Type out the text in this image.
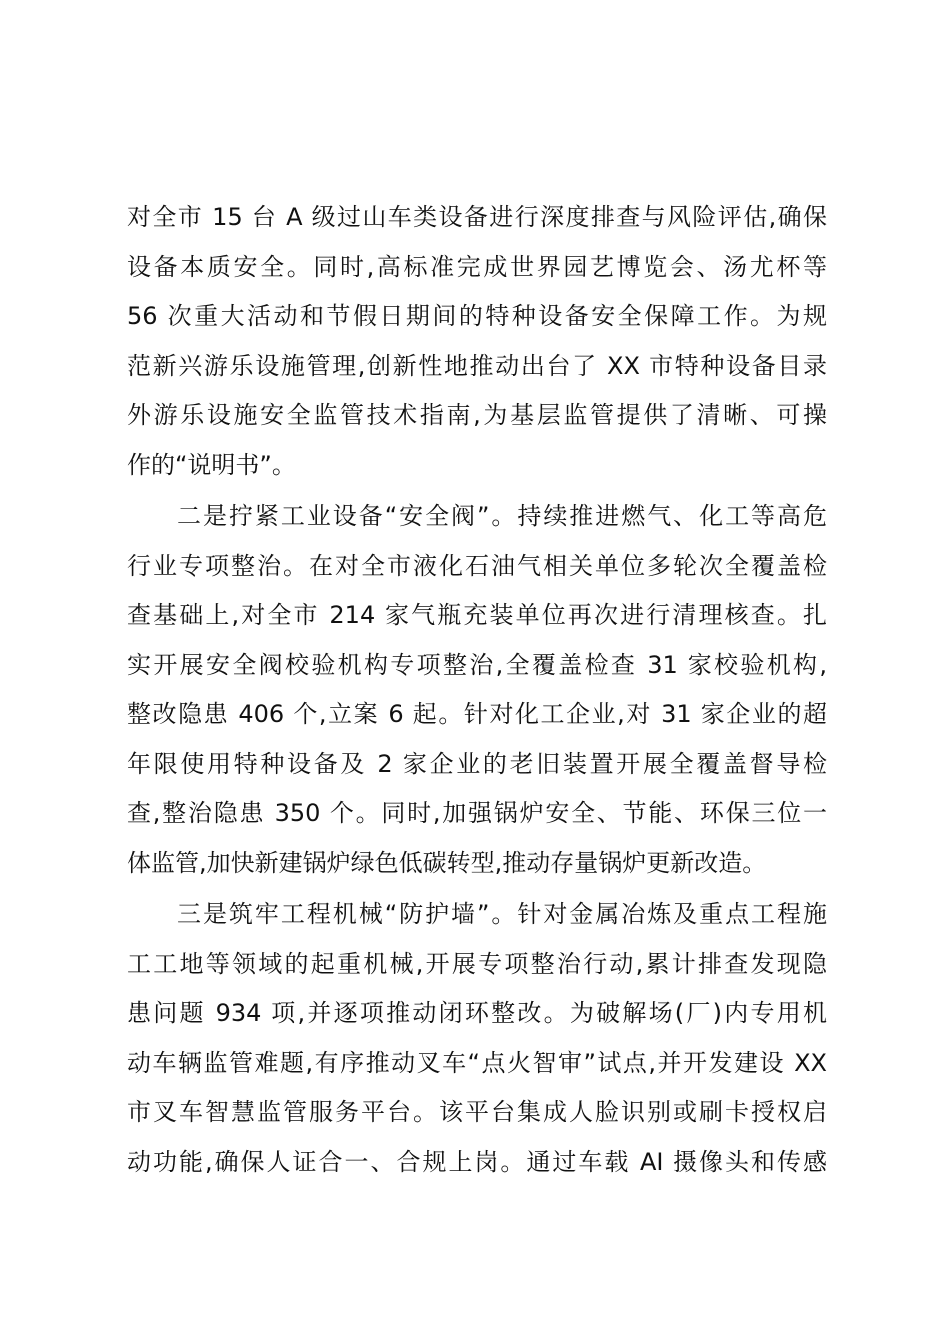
对全市 15 台 A 级过山车类设备进行深度排查与风险评估,确保
设备本质安全。同时,高标准完成世界园艺博览会、汤尤杯等
56 次重大活动和节假日期间的特种设备安全保障工作。为规
范新兴游乐设施管理,创新性地推动出台了 XX 市特种设备目录
外游乐设施安全监管技术指南,为基层监管提供了清晰、可操
作的“说明书”。
二是拧紧工业设备“安全阀”。持续推进燃气、化工等高危
行业专项整治。在对全市液化石油气相关单位多轮次全覆盖检
查基础上,对全市 214 家气瓶充装单位再次进行清理核查。扎
实开展安全阀校验机构专项整治,全覆盖检查 31 家校验机构,
整改隐患 406 个,立案 6 起。针对化工企业,对 31 家企业的超
年限使用特种设备及 2 家企业的老旧装置开展全覆盖督导检
查,整治隐患 350 个。同时,加强锅炉安全、节能、环保三位一
体监管,加快新建锅炉绿色低碳转型,推动存量锅炉更新改造。
三是筑牢工程机械“防护墙”。针对金属冶炼及重点工程施
工工地等领域的起重机械,开展专项整治行动,累计排查发现隐
患问题 934 项,并逐项推动闭环整改。为破解场(厂)内专用机
动车辆监管难题,有序推动叉车“点火智审”试点,并开发建设 XX
市叉车智慧监管服务平台。该平台集成人脸识别或刷卡授权启
动功能,确保人证合一、合规上岗。通过车载 AI 摄像头和传感
